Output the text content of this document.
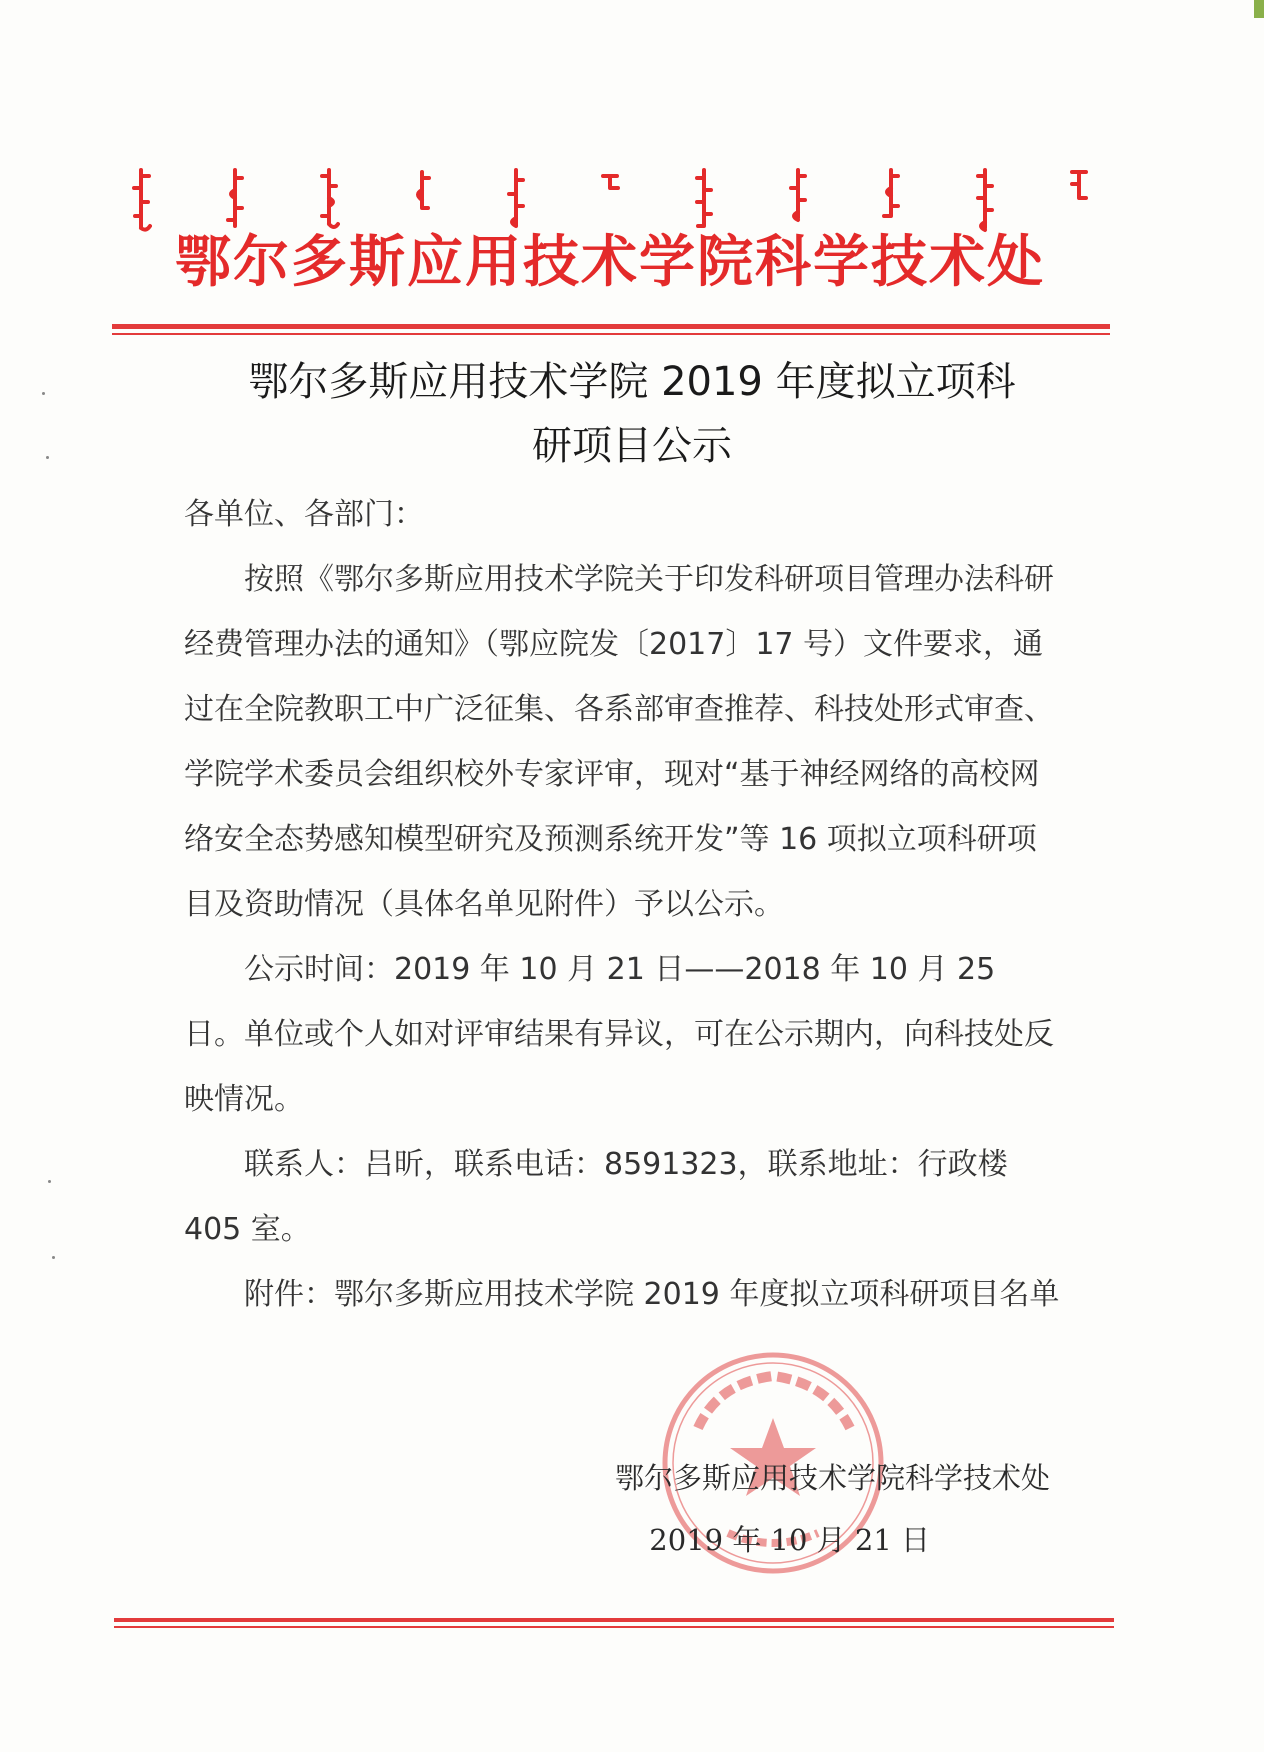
鄂尔多斯应用技术学院科学技术处
鄂尔多斯应用技术学院 2019 年度拟立项科
研项目公示

各单位、各部门：

按照《鄂尔多斯应用技术学院关于印发科研项目管理办法科研经费管理办法的通知》（鄂应院发〔2017〕17 号）文件要求，通过在全院教职工中广泛征集、各系部审查推荐、科技处形式审查、学院学术委员会组织校外专家评审，现对“基于神经网络的高校网络安全态势感知模型研究及预测系统开发”等 16 项拟立项科研项目及资助情况（具体名单见附件）予以公示。

公示时间：2019 年 10 月 21 日——2018 年 10 月 25 日。单位或个人如对评审结果有异议，可在公示期内，向科技处反映情况。

联系人：吕昕，联系电话：8591323，联系地址：行政楼 405 室。

附件：鄂尔多斯应用技术学院 2019 年度拟立项科研项目名单

鄂尔多斯应用技术学院科学技术处
2019 年 10 月 21 日
